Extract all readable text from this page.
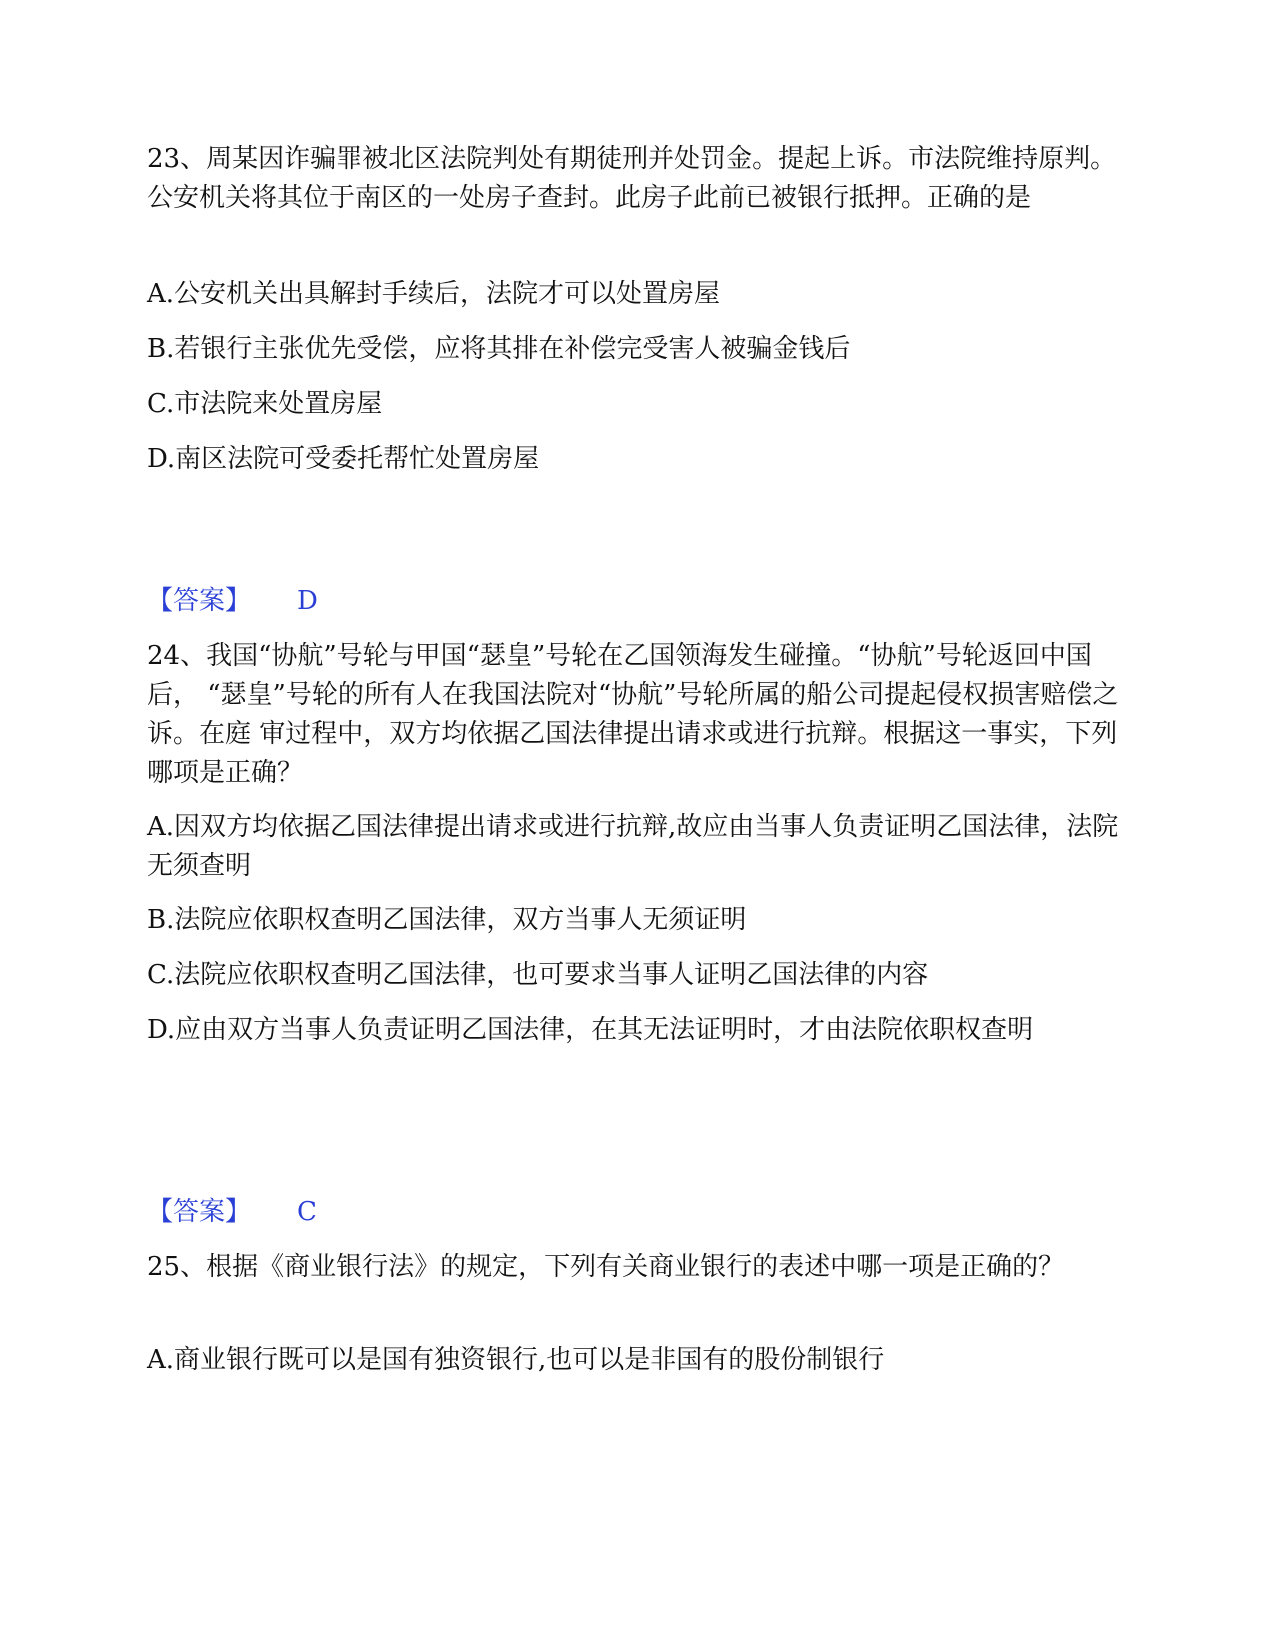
23、周某因诈骗罪被北区法院判处有期徒刑并处罚金。提起上诉。市法院维持原判。公安机关将其位于南区的一处房子查封。此房子此前已被银行抵押。正确的是

A.公安机关出具解封手续后，法院才可以处置房屋

B.若银行主张优先受偿，应将其排在补偿完受害人被骗金钱后

C.市法院来处置房屋

D.南区法院可受委托帮忙处置房屋

【答案】 D

24、我国“协航”号轮与甲国“瑟皇”号轮在乙国领海发生碰撞。“协航”号轮返回中国后， “瑟皇”号轮的所有人在我国法院对“协航”号轮所属的船公司提起侵权损害赔偿之诉。在庭 审过程中，双方均依据乙国法律提出请求或进行抗辩。根据这一事实，下列哪项是正确？

A.因双方均依据乙国法律提出请求或进行抗辩,故应由当事人负责证明乙国法律，法院 无须查明

B.法院应依职权查明乙国法律，双方当事人无须证明

C.法院应依职权查明乙国法律，也可要求当事人证明乙国法律的内容

D.应由双方当事人负责证明乙国法律，在其无法证明时，才由法院依职权查明

【答案】 C

25、根据《商业银行法》的规定，下列有关商业银行的表述中哪一项是正确的？

A.商业银行既可以是国有独资银行,也可以是非国有的股份制银行
